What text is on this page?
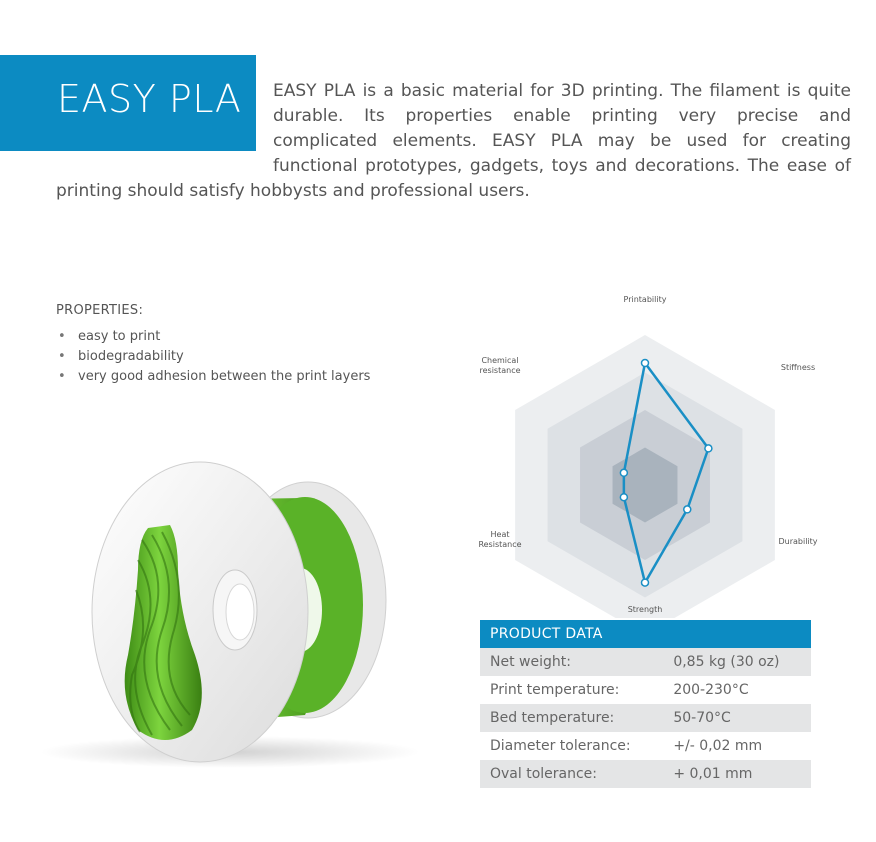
EASY PLA	EASY PLA is a basic material for 3D printing. The filament is quite durable. Its properties enable printing very precise and complicated elements. EASY PLA may be used for creating functional prototypes, gadgets, toys and decorations. The ease of printing should satisfy hobbysts and professional users.

PROPERTIES:
• easy to print
• biodegradability
• very good adhesion between the print layers
Printability
Stiffness
Durability
Strength
Heat Resistance
Chemical resistance
PRODUCT DATA	
Net weight:	0,85 kg (30 oz)
Print temperature:	200-230°C
Bed temperature:	50-70°C
Diameter tolerance:	+/- 0,02 mm
Oval tolerance:	+ 0,01 mm
